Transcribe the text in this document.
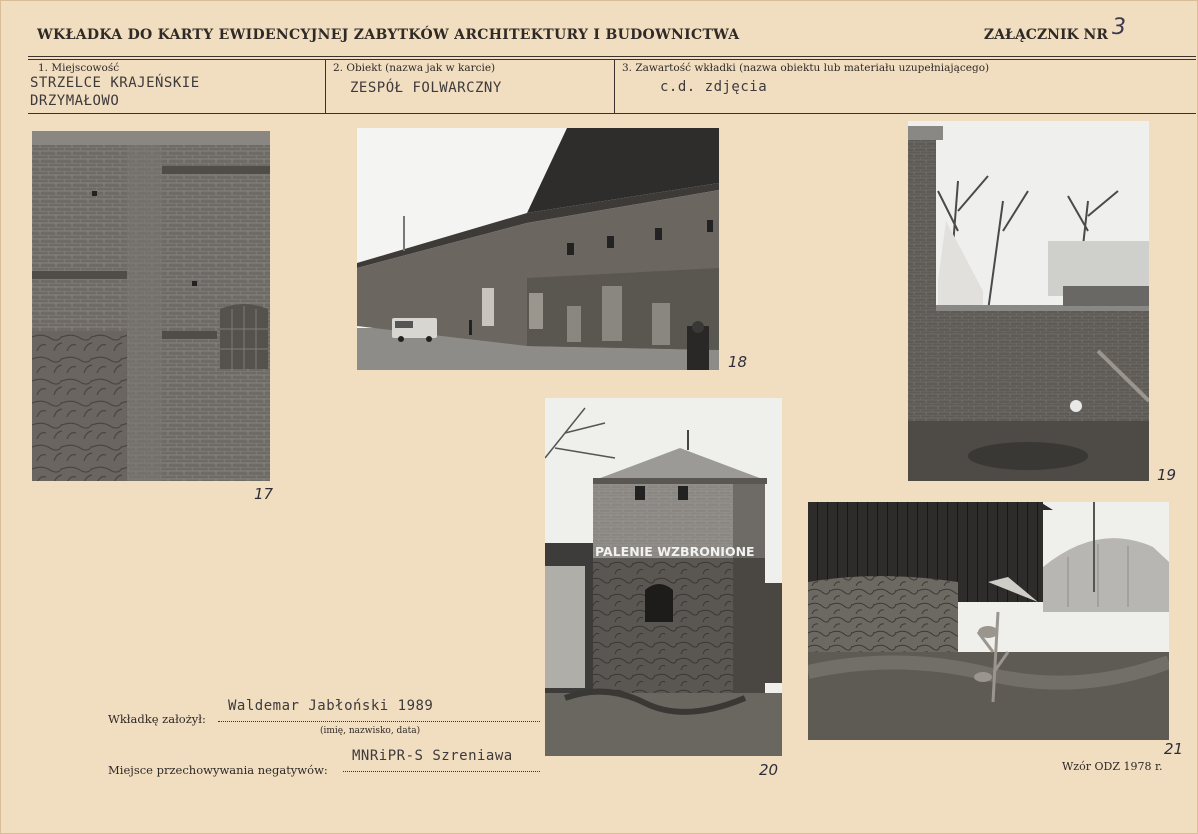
WKŁADKA DO KARTY EWIDENCYJNEJ ZABYTKÓW ARCHITEKTURY I BUDOWNICTWA	ZAŁĄCZNIK NR 3
1. Miejscowość
STRZELCE KRAJEŃSKIE
DRZYMAŁOWO
2. Obiekt (nazwa jak w karcie)
ZESPÓŁ FOLWARCZNY
3. Zawartość wkładki (nazwa obiektu lub materiału uzupełniającego)
c.d. zdjęcia
17
18
19
PALENIE WZBRONIONE
20
21
Wkładkę założył:
Waldemar Jabłoński 1989
(imię, nazwisko, data)
Miejsce przechowywania negatywów:
MNRiPR-S Szreniawa
Wzór ODZ 1978 r.
